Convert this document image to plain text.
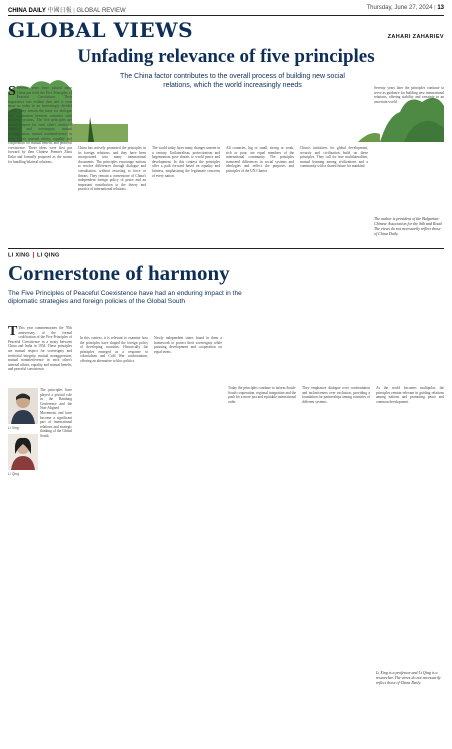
CHINA DAILY 中國日報 | GLOBAL REVIEW	Thursday, June 27, 2024 | 13
GLOBAL VIEWS	ZAHARI ZAHARIEV
Unfading relevance of five principles
The China factor contributes to the overall process of building new social relations, which the world increasingly needs
S Seventy years have passed since China put forth the Five Principles of Peaceful Coexistence. Their importance was evident then and is even more so today in an increasingly divided world. They remain the basis for dialogue and cooperation between countries with different systems. The five principles are mutual respect for each other's territorial integrity and sovereignty, mutual nonaggression, mutual noninterference in each other's internal affairs, equality and cooperation for mutual benefit, and peaceful coexistence. These ideas were first put forward by then Chinese Premier Zhou Enlai and formally proposed as the norms for handling bilateral relations.
China has actively promoted the principles in its foreign relations, and they have been incorporated into many international documents. The principles encourage nations to resolve differences through dialogue and consultation, without resorting to force or threats. They remain a cornerstone of China's independent foreign policy of peace and an important contribution to the theory and practice of international relations.
The world today faces many changes unseen in a century. Unilateralism, protectionism and hegemonism pose threats to world peace and development. In this context the principles offer a path forward based on equality and fairness, emphasizing the legitimate concerns of every nation.
All countries, big or small, strong or weak, rich or poor, are equal members of the international community. The principles transcend differences in social systems and ideologies and reflect the purposes and principles of the UN Charter.
China's initiatives for global development, security and civilization build on these principles. They call for true multilateralism, mutual learning among civilizations and a community with a shared future for mankind.
Seventy years later the principles continue to serve as guidance for building new international relations, offering stability and certainty in an uncertain world.
The author is president of the Bulgarian-Chinese Association for the Silk and Road. The views do not necessarily reflect those of China Daily.
LI XING LI QING
Cornerstone of harmony
The Five Principles of Peaceful Coexistence have had an enduring impact in the diplomatic strategies and foreign policies of the Global South
T This year commemorates the 70th anniversary of the formal codification of the Five Principles of Peaceful Coexistence in a treaty between China and India in 1954. These principles are mutual respect for sovereignty and territorial integrity, mutual nonaggression, mutual noninterference in each other's internal affairs, equality and mutual benefit, and peaceful coexistence.
Li Xing
Li Qing
The principles have played a pivotal role in the Bandung Conference and the Non-Aligned Movement, and have become a significant part of international relations and strategic thinking of the Global South.
In this context, it is relevant to examine how the principles have shaped the foreign policy of developing countries. Historically the principles emerged as a response to colonialism and Cold War confrontation, offering an alternative to bloc politics.
Newly independent states found in them a framework to protect their sovereignty while pursuing development and cooperation on equal terms.
Today the principles continue to inform South-South cooperation, regional integration and the push for a more just and equitable international order.
They emphasize dialogue over confrontation and inclusiveness over exclusion, providing a foundation for partnerships among countries of different systems.
As the world becomes multipolar, the principles remain relevant in guiding relations among nations and promoting peace and common development.
Li Xing is a professor and Li Qing is a researcher. The views do not necessarily reflect those of China Daily.
